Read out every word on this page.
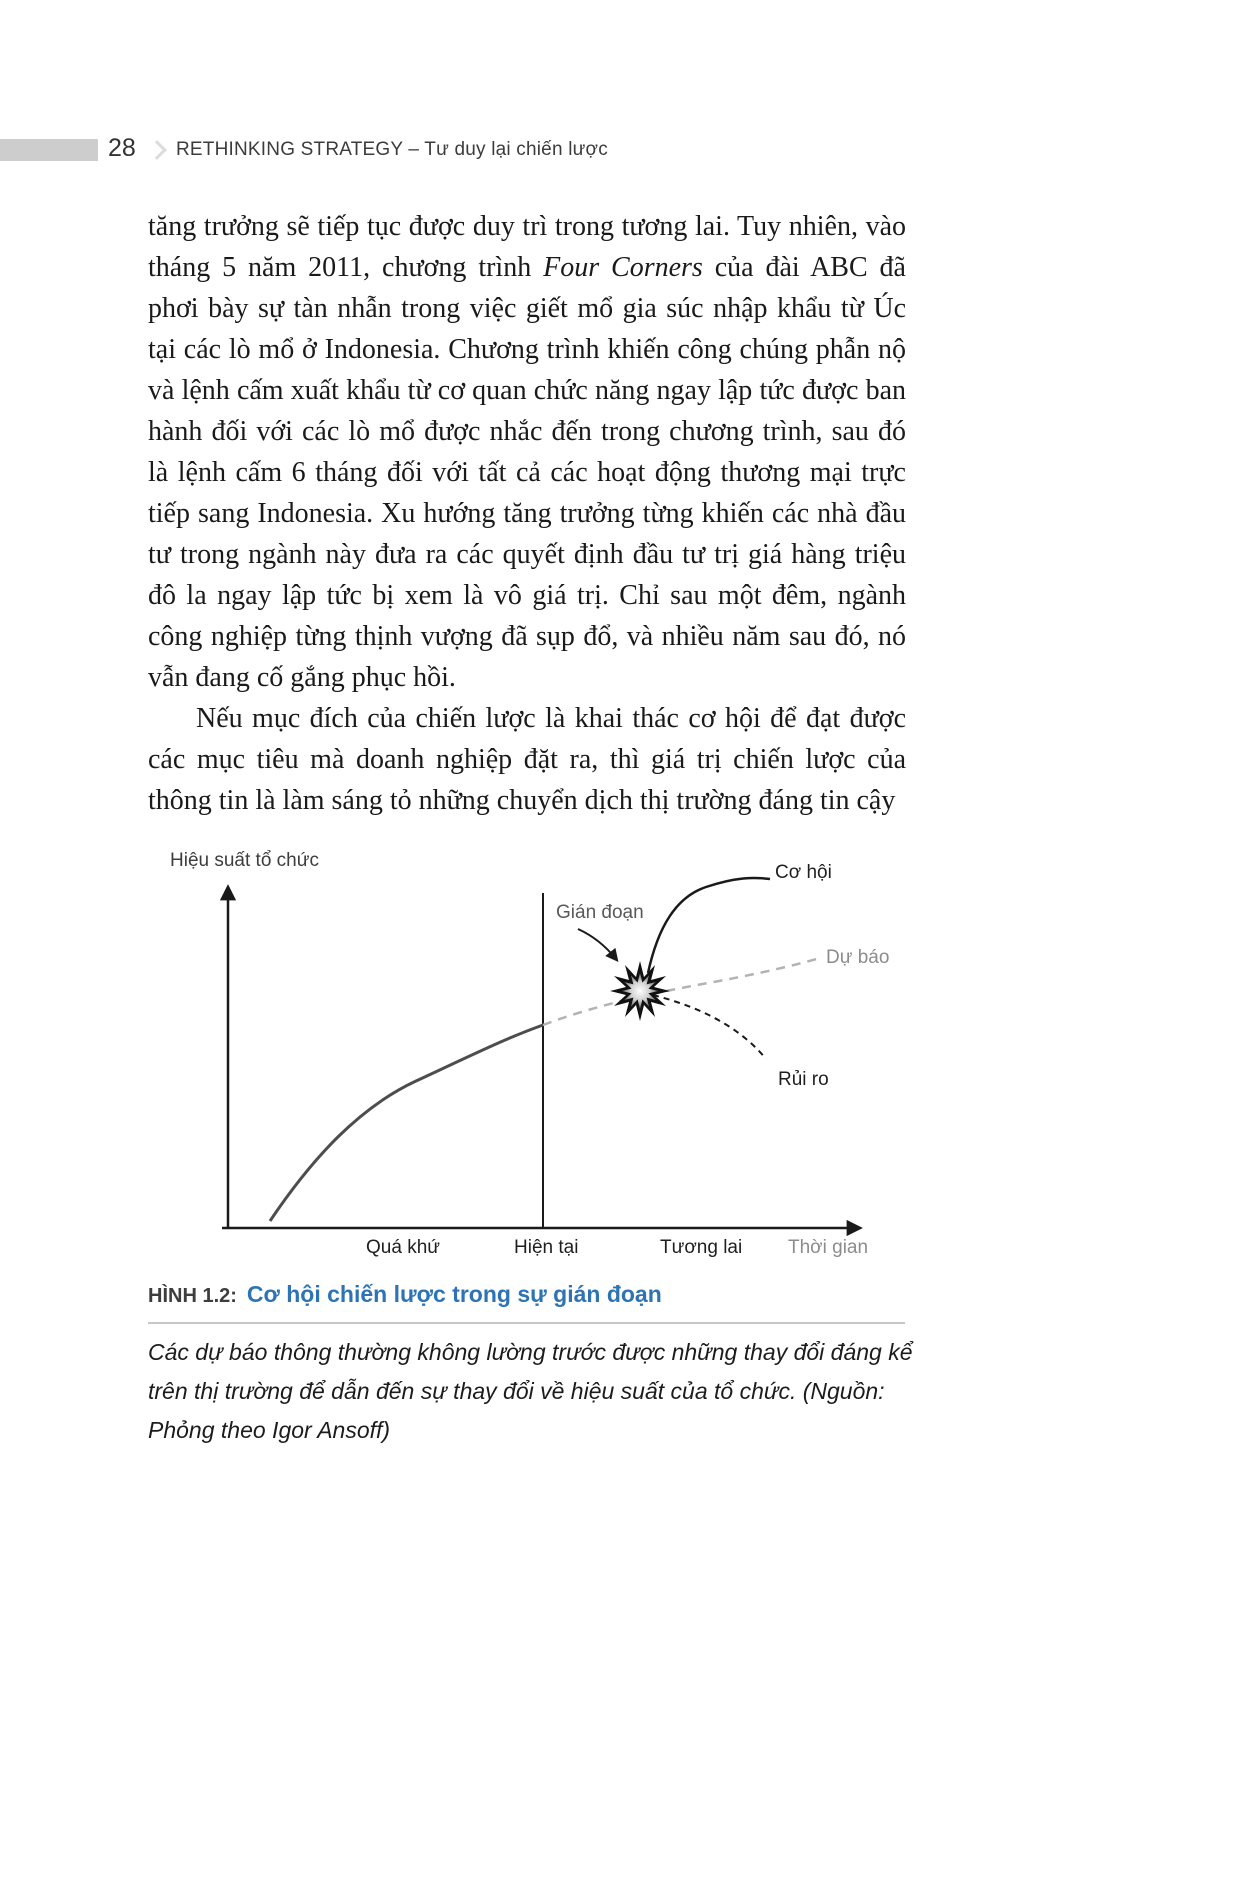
28 RETHINKING STRATEGY – Tư duy lại chiến lược

tăng trưởng sẽ tiếp tục được duy trì trong tương lai. Tuy nhiên, vào tháng 5 năm 2011, chương trình Four Corners của đài ABC đã phơi bày sự tàn nhẫn trong việc giết mổ gia súc nhập khẩu từ Úc tại các lò mổ ở Indonesia. Chương trình khiến công chúng phẫn nộ và lệnh cấm xuất khẩu từ cơ quan chức năng ngay lập tức được ban hành đối với các lò mổ được nhắc đến trong chương trình, sau đó là lệnh cấm 6 tháng đối với tất cả các hoạt động thương mại trực tiếp sang Indonesia. Xu hướng tăng trưởng từng khiến các nhà đầu tư trong ngành này đưa ra các quyết định đầu tư trị giá hàng triệu đô la ngay lập tức bị xem là vô giá trị. Chỉ sau một đêm, ngành công nghiệp từng thịnh vượng đã sụp đổ, và nhiều năm sau đó, nó vẫn đang cố gắng phục hồi.

Nếu mục đích của chiến lược là khai thác cơ hội để đạt được các mục tiêu mà doanh nghiệp đặt ra, thì giá trị chiến lược của thông tin là làm sáng tỏ những chuyển dịch thị trường đáng tin cậy

Hiệu suất tổ chức
Gián đoạn
Cơ hội
Dự báo
Rủi ro
Quá khứ	Hiện tại	Tương lai Thời gian
HÌNH 1.2: Cơ hội chiến lược trong sự gián đoạn
Các dự báo thông thường không lường trước được những thay đổi đáng kể trên thị trường để dẫn đến sự thay đổi về hiệu suất của tổ chức. (Nguồn: Phỏng theo Igor Ansoff)
